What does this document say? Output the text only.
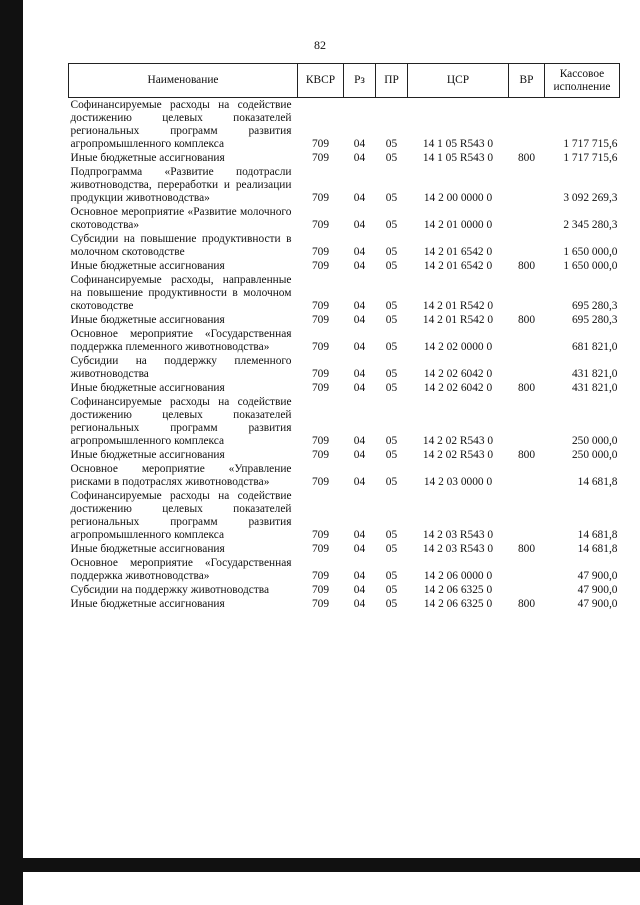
82
Наименование	КВСР	Рз	ПР	ЦСР	ВР	Кассовое исполнение
Софинансируемые расходы на содействие достижению целевых показателей региональных программ развития агропромышленного комплекса	709	04	05	14 1 05 R543 0		1 717 715,6
Иные бюджетные ассигнования	709	04	05	14 1 05 R543 0	800	1 717 715,6
Подпрограмма «Развитие подотрасли животноводства, переработки и реализации продукции животноводства»	709	04	05	14 2 00 0000 0		3 092 269,3
Основное мероприятие «Развитие молочного скотоводства»	709	04	05	14 2 01 0000 0		2 345 280,3
Субсидии на повышение продуктивности в молочном скотоводстве	709	04	05	14 2 01 6542 0		1 650 000,0
Иные бюджетные ассигнования	709	04	05	14 2 01 6542 0	800	1 650 000,0
Софинансируемые расходы, направленные на повышение продуктивности в молочном скотоводстве	709	04	05	14 2 01 R542 0		695 280,3
Иные бюджетные ассигнования	709	04	05	14 2 01 R542 0	800	695 280,3
Основное мероприятие «Государственная поддержка племенного животноводства»	709	04	05	14 2 02 0000 0		681 821,0
Субсидии на поддержку племенного животноводства	709	04	05	14 2 02 6042 0		431 821,0
Иные бюджетные ассигнования	709	04	05	14 2 02 6042 0	800	431 821,0
Софинансируемые расходы на содействие достижению целевых показателей региональных программ развития агропромышленного комплекса	709	04	05	14 2 02 R543 0		250 000,0
Иные бюджетные ассигнования	709	04	05	14 2 02 R543 0	800	250 000,0
Основное мероприятие «Управление рисками в подотраслях животноводства»	709	04	05	14 2 03 0000 0		14 681,8
Софинансируемые расходы на содействие достижению целевых показателей региональных программ развития агропромышленного комплекса	709	04	05	14 2 03 R543 0		14 681,8
Иные бюджетные ассигнования	709	04	05	14 2 03 R543 0	800	14 681,8
Основное мероприятие «Государственная поддержка животноводства»	709	04	05	14 2 06 0000 0		47 900,0
Субсидии на поддержку животноводства	709	04	05	14 2 06 6325 0		47 900,0
Иные бюджетные ассигнования	709	04	05	14 2 06 6325 0	800	47 900,0
